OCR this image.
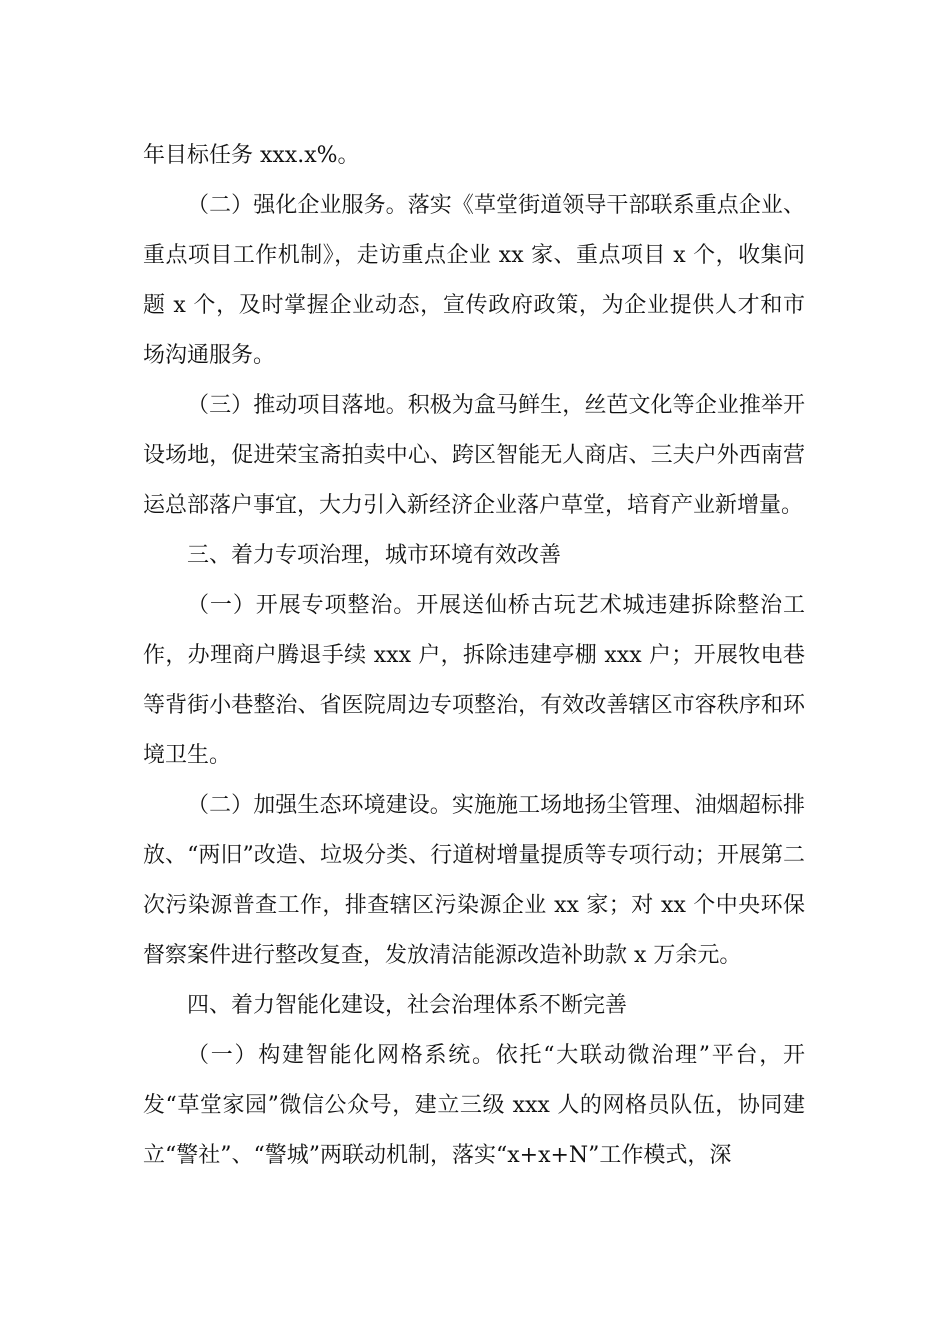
年目标任务 xxx.x%。

（二）强化企业服务。落实《草堂街道领导干部联系重点企业、重点项目工作机制》，走访重点企业 xx 家、重点项目 x 个，收集问题 x 个，及时掌握企业动态，宣传政府政策，为企业提供人才和市场沟通服务。

（三）推动项目落地。积极为盒马鲜生，丝芭文化等企业推举开设场地，促进荣宝斋拍卖中心、跨区智能无人商店、三夫户外西南营运总部落户事宜，大力引入新经济企业落户草堂，培育产业新增量。

三、着力专项治理，城市环境有效改善

（一）开展专项整治。开展送仙桥古玩艺术城违建拆除整治工作，办理商户腾退手续 xxx 户，拆除违建亭棚 xxx 户；开展牧电巷等背街小巷整治、省医院周边专项整治，有效改善辖区市容秩序和环境卫生。

（二）加强生态环境建设。实施施工场地扬尘管理、油烟超标排放、“两旧”改造、垃圾分类、行道树增量提质等专项行动；开展第二次污染源普查工作，排查辖区污染源企业 xx 家；对 xx 个中央环保督察案件进行整改复查，发放清洁能源改造补助款 x 万余元。

四、着力智能化建设，社会治理体系不断完善

（一）构建智能化网格系统。依托“大联动微治理”平台，开发“草堂家园”微信公众号，建立三级 xxx 人的网格员队伍，协同建立“警社”、“警城”两联动机制，落实“x+x+N”工作模式，深
